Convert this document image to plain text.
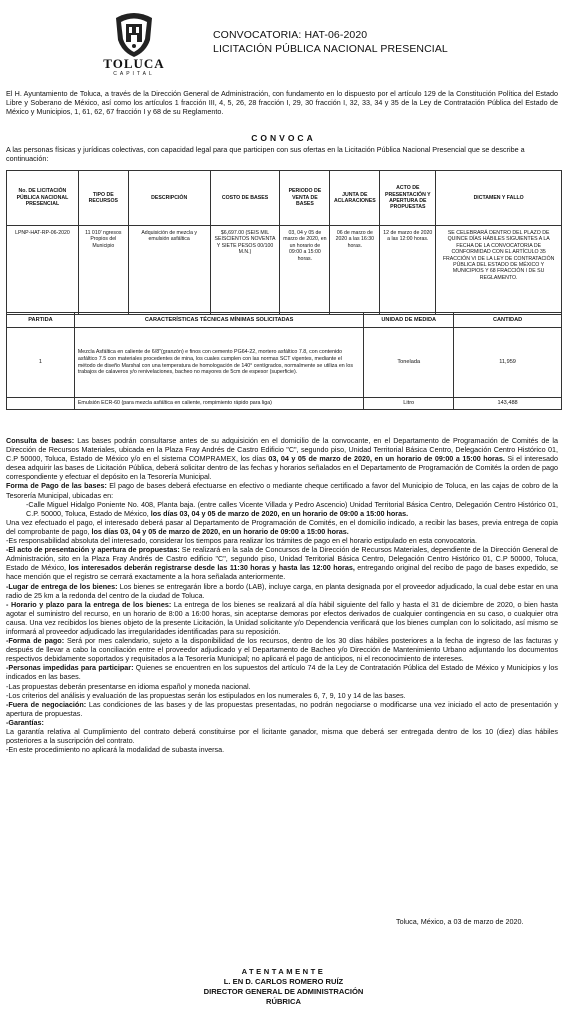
TOLUCA
CAPITAL
CONVOCATORIA: HAT-06-2020
LICITACIÓN PÚBLICA NACIONAL PRESENCIAL
El H. Ayuntamiento de Toluca, a través de la Dirección General de Administración, con fundamento en lo dispuesto por el artículo 129 de la Constitución Política del Estado Libre y Soberano de México, así como los artículos 1 fracción III, 4, 5, 26, 28 fracción I, 29, 30 fracción I, 32, 33, 34 y 35 de la Ley de Contratación Pública del Estado de México y Municipios, 1, 61, 62, 67 fracción I y 68 de su Reglamento.
CONVOCA
A las personas físicas y jurídicas colectivas, con capacidad legal para que participen con sus ofertas en la Licitación Pública Nacional Presencial que se describe a continuación:
No. DE LICITACIÓN PÚBLICA NACIONAL PRESENCIAL	TIPO DE RECURSOS	DESCRIPCIÓN	COSTO DE BASES	PERIODO DE VENTA DE BASES	JUNTA DE ACLARACIONES	ACTO DE PRESENTACIÓN Y APERTURA DE PROPUESTAS	DICTAMEN Y FALLO
LPNP-HAT-RP-06-2020	11 010' ngresos Propios del Municipio	Adquisición de mezcla y emulsión asfáltica	$6,697.00 (SEIS MIL SEISCIENTOS NOVENTA Y SIETE PESOS 00/100 M.N.)	03, 04 y 05 de marzo de 2020, en un horario de 09:00 a 15:00 horas.	06 de marzo de 2020 a las 16:30 horas.	12 de marzo de 2020 a las 12:00 horas.	SE CELEBRARÁ DENTRO DEL PLAZO DE QUINCE DÍAS HÁBILES SIGUIENTES A LA FECHA DE LA CONVOCATORIA DE CONFORMIDAD CON EL ARTÍCULO 35 FRACCIÓN VI DE LA LEY DE CONTRATACIÓN PÚBLICA DEL ESTADO DE MÉXICO Y MUNICIPIOS Y 68 FRACCIÓN I DE SU REGLAMENTO.
PARTIDA	CARACTERÍSTICAS TÉCNICAS MÍNIMAS SOLICITADAS	UNIDAD DE MEDIDA	CANTIDAD
1	Mezcla Asfáltica en caliente de 6/8"(granzón) e finos con cemento PG64-22, mortero asfáltico 7.8, con contenido asfáltico 7.5 con materiales procedentes de mina, los cuales cumplen con las normas SCT vigentes, mediante el método de diseño Marshal con una temperatura de homologación de 140° centígrados, normalmente se utiliza en los trabajos de calaveros y/o renivelaciones, bacheo no mayores de 5cm de espesor (superficie).	Tonelada	11,959
	Emulsión ECR-60 (para mezcla asfáltica en caliente, rompimiento rápido para liga)	Litro	143,488

Consulta de bases: Las bases podrán consultarse antes de su adquisición en el domicilio de la convocante, en el Departamento de Programación de Comités de la Dirección de Recursos Materiales, ubicada en la Plaza Fray Andrés de Castro Edificio "C", segundo piso, Unidad Territorial Básica Centro, Delegación Centro Histórico 01, C.P 50000, Toluca, Estado de México y/o en el sistema COMPRAMEX, los días 03, 04 y 05 de marzo de 2020, en un horario de 09:00 a 15:00 horas. Si el interesado desea adquirir las bases de Licitación Pública, deberá solicitar dentro de las fechas y horarios señalados en el Departamento de Programación de Comités la orden de pago correspondiente y efectuar el depósito en la Tesorería Municipal.

Forma de Pago de las bases: El pago de bases deberá efectuarse en efectivo o mediante cheque certificado a favor del Municipio de Toluca, en las cajas de cobro de la Tesorería Municipal, ubicadas en:

-Calle Miguel Hidalgo Poniente No. 408, Planta baja. (entre calles Vicente Villada y Pedro Ascencio) Unidad Territorial Básica Centro, Delegación Centro Histórico 01, C.P. 50000, Toluca, Estado de México, los días 03, 04 y 05 de marzo de 2020, en un horario de 09:00 a 15:00 horas.

Una vez efectuado el pago, el interesado deberá pasar al Departamento de Programación de Comités, en el domicilio indicado, a recibir las bases, previa entrega de copia del comprobante de pago, los días 03, 04 y 05 de marzo de 2020, en un horario de 09:00 a 15:00 horas.

-Es responsabilidad absoluta del interesado, considerar los tiempos para realizar los trámites de pago en el horario estipulado en esta convocatoria.

-El acto de presentación y apertura de propuestas: Se realizará en la sala de Concursos de la Dirección de Recursos Materiales, dependiente de la Dirección General de Administración, sito en la Plaza Fray Andrés de Castro edificio "C", segundo piso, Unidad Territorial Básica Centro, Delegación Centro Histórico 01, C.P 50000, Toluca, Estado de México, los interesados deberán registrarse desde las 11:30 horas y hasta las 12:00 horas, entregando original del recibo de pago de bases expedido, se hace mención que el registro se cerrará exactamente a la hora señalada anteriormente.

-Lugar de entrega de los bienes: Los bienes se entregarán libre a bordo (LAB), incluye carga, en planta designada por el proveedor adjudicado, la cual debe estar en una radio de 25 km a la redonda del centro de la ciudad de Toluca.

- Horario y plazo para la entrega de los bienes: La entrega de los bienes se realizará al día hábil siguiente del fallo y hasta el 31 de diciembre de 2020, o bien hasta agotar el suministro del recurso, en un horario de 8:00 a 16:00 horas, sin aceptarse demoras por efectos derivados de cualquier contingencia en su caso, o cualquier otra causa. Una vez recibidos los bienes objeto de la presente Licitación, la Unidad solicitante y/o Dependencia verificará que los bienes cumplan con lo solicitado, así mismo se informará al proveedor adjudicado las irregularidades identificadas para su reposición.

-Forma de pago: Será por mes calendario, sujeto a la disponibilidad de los recursos, dentro de los 30 días hábiles posteriores a la fecha de ingreso de las facturas y después de llevar a cabo la conciliación entre el proveedor adjudicado y el Departamento de Bacheo y/o Dirección de Mantenimiento Urbano adjuntando los documentos respectivos debidamente soportados y requisitados a la Tesorería Municipal; no aplicará el pago de anticipos, ni el reconocimiento de intereses.

-Personas impedidas para participar: Quienes se encuentren en los supuestos del artículo 74 de la Ley de Contratación Pública del Estado de México y Municipios y los indicados en las bases.

-Las propuestas deberán presentarse en idioma español y moneda nacional.

-Los criterios del análisis y evaluación de las propuestas serán los estipulados en los numerales 6, 7, 9, 10 y 14 de las bases.

-Fuera de negociación: Las condiciones de las bases y de las propuestas presentadas, no podrán negociarse o modificarse una vez iniciado el acto de presentación y apertura de propuestas.

-Garantías:

La garantía relativa al Cumplimiento del contrato deberá constituirse por el licitante ganador, misma que deberá ser entregada dentro de los 10 (diez) días hábiles posteriores a la suscripción del contrato.

-En este procedimiento no aplicará la modalidad de subasta inversa.

Toluca, México, a 03 de marzo de 2020.
ATENTAMENTE
L. EN D. CARLOS ROMERO RUÍZ
DIRECTOR GENERAL DE ADMINISTRACIÓN
RÚBRICA
